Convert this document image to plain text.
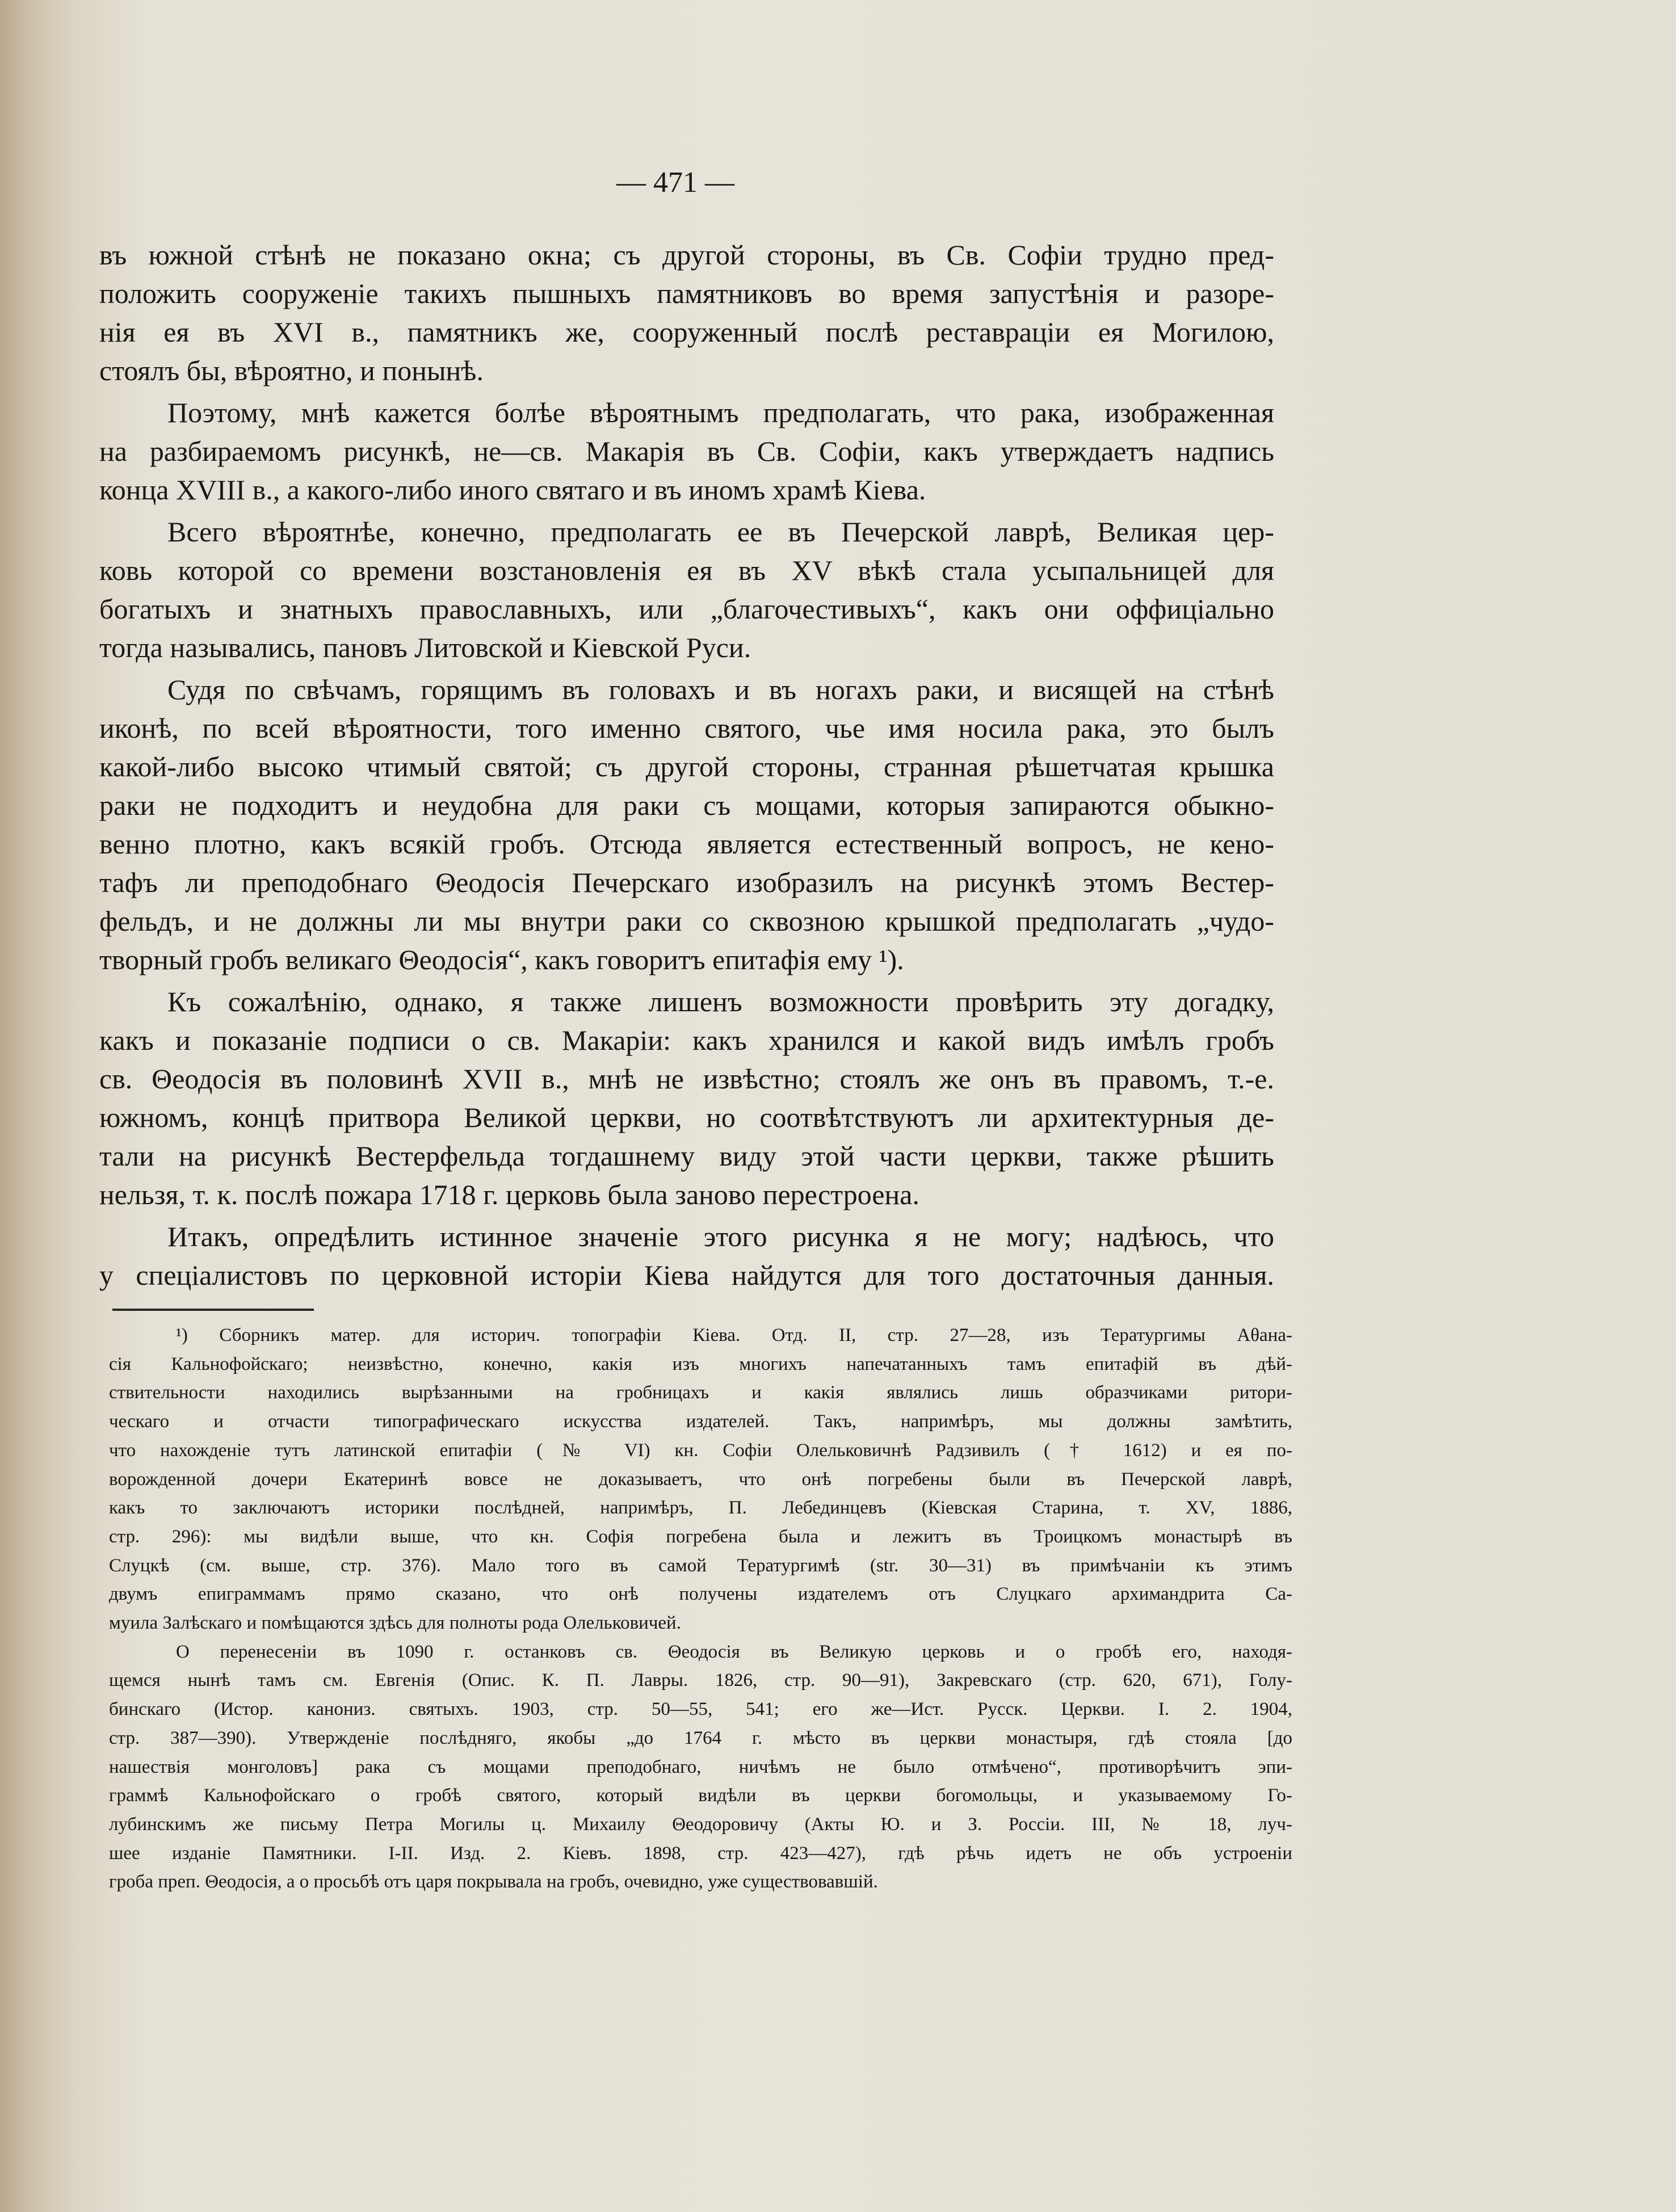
— 471 —
въ южной стѣнѣ не показано окна; съ другой стороны, въ Св. Софіи трудно пред-
положить сооруженіе такихъ пышныхъ памятниковъ во время запустѣнія и разоре-
нія ея въ XVI в., памятникъ же, сооруженный послѣ реставраціи ея Могилою,
стоялъ бы, вѣроятно, и понынѣ.
Поэтому, мнѣ кажется болѣе вѣроятнымъ предполагать, что рака, изображенная
на разбираемомъ рисункѣ, не—св. Макарія въ Св. Софіи, какъ утверждаетъ надпись
конца XVIII в., а какого-либо иного святаго и въ иномъ храмѣ Кіева.
Всего вѣроятнѣе, конечно, предполагать ее въ Печерской лаврѣ, Великая цер-
ковь которой со времени возстановленія ея въ XV вѣкѣ стала усыпальницей для
богатыхъ и знатныхъ православныхъ, или „благочестивыхъ“, какъ они оффиціально
тогда назывались, пановъ Литовской и Кіевской Руси.
Судя по свѣчамъ, горящимъ въ головахъ и въ ногахъ раки, и висящей на стѣнѣ
иконѣ, по всей вѣроятности, того именно святого, чье имя носила рака, это былъ
какой-либо высоко чтимый святой; съ другой стороны, странная рѣшетчатая крышка
раки не подходитъ и неудобна для раки съ мощами, которыя запираются обыкно-
венно плотно, какъ всякій гробъ. Отсюда является естественный вопросъ, не кено-
тафъ ли преподобнаго Θеодосія Печерскаго изобразилъ на рисункѣ этомъ Вестер-
фельдъ, и не должны ли мы внутри раки со сквозною крышкой предполагать „чудо-
творный гробъ великаго Θеодосія“, какъ говоритъ епитафія ему ¹).
Къ сожалѣнію, однако, я также лишенъ возможности провѣрить эту догадку,
какъ и показаніе подписи о св. Макаріи: какъ хранился и какой видъ имѣлъ гробъ
св. Θеодосія въ половинѣ XVII в., мнѣ не извѣстно; стоялъ же онъ въ правомъ, т.-е.
южномъ, концѣ притвора Великой церкви, но соотвѣтствуютъ ли архитектурныя де-
тали на рисункѣ Вестерфельда тогдашнему виду этой части церкви, также рѣшить
нельзя, т. к. послѣ пожара 1718 г. церковь была заново перестроена.
Итакъ, опредѣлить истинное значеніе этого рисунка я не могу; надѣюсь, что
у спеціалистовъ по церковной исторіи Кіева найдутся для того достаточныя данныя.
¹) Сборникъ матер. для историч. топографіи Кіева. Отд. II, стр. 27—28, изъ Тератургимы Аθана-
сія Кальнофойскаго; неизвѣстно, конечно, какія изъ многихъ напечатанныхъ тамъ епитафій въ дѣй-
ствительности находились вырѣзанными на гробницахъ и какія являлись лишь образчиками ритори-
ческаго и отчасти типографическаго искусства издателей. Такъ, напримѣръ, мы должны замѣтить,
что нахожденіе тутъ латинской епитафіи (№ VI) кн. Софіи Олельковичнѣ Радзивилъ († 1612) и ея по-
ворожденной дочери Екатеринѣ вовсе не доказываетъ, что онѣ погребены были въ Печерской лаврѣ,
какъ то заключаютъ историки послѣдней, напримѣръ, П. Лебединцевъ (Кіевская Старина, т. XV, 1886,
стр. 296): мы видѣли выше, что кн. Софія погребена была и лежитъ въ Троицкомъ монастырѣ въ
Слуцкѣ (см. выше, стр. 376). Мало того въ самой Тератургимѣ (str. 30—31) въ примѣчаніи къ этимъ
двумъ епиграммамъ прямо сказано, что онѣ получены издателемъ отъ Слуцкаго архимандрита Са-
муила Залѣскаго и помѣщаются здѣсь для полноты рода Олельковичей.
О перенесеніи въ 1090 г. останковъ св. Θеодосія въ Великую церковь и о гробѣ его, находя-
щемся нынѣ тамъ см. Евгенія (Опис. К. П. Лавры. 1826, стр. 90—91), Закревскаго (стр. 620, 671), Голу-
бинскаго (Истор. канониз. святыхъ. 1903, стр. 50—55, 541; его же—Ист. Русск. Церкви. I. 2. 1904,
стр. 387—390). Утвержденіе послѣдняго, якобы „до 1764 г. мѣсто въ церкви монастыря, гдѣ стояла [до
нашествія монголовъ] рака съ мощами преподобнаго, ничѣмъ не было отмѣчено“, противорѣчитъ эпи-
граммѣ Кальнофойскаго о гробѣ святого, который видѣли въ церкви богомольцы, и указываемому Го-
лубинскимъ же письму Петра Могилы ц. Михаилу Θеодоровичу (Акты Ю. и З. Россіи. III, № 18, луч-
шее изданіе Памятники. I-II. Изд. 2. Кіевъ. 1898, стр. 423—427), гдѣ рѣчь идетъ не объ устроеніи
гроба преп. Θеодосія, а о просьбѣ отъ царя покрывала на гробъ, очевидно, уже существовавшій.
